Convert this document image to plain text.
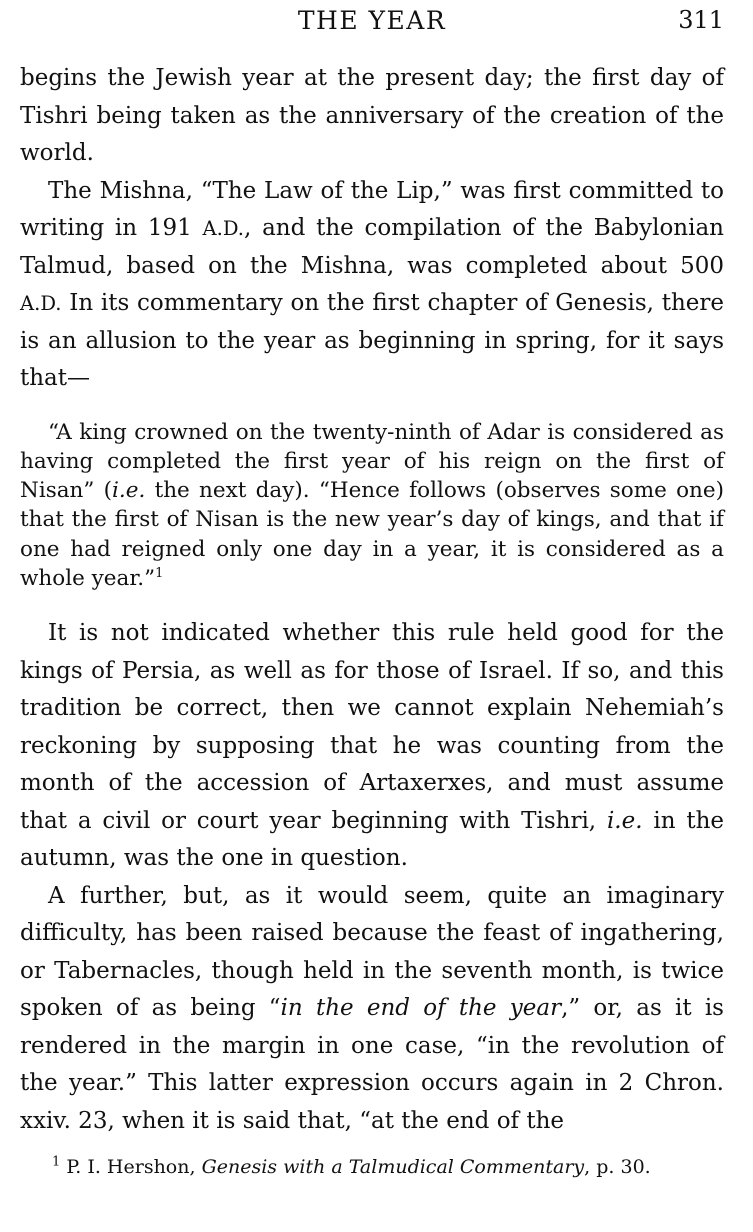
THE YEAR	311

begins the Jewish year at the present day; the first day of Tishri being taken as the anniversary of the creation of the world.

The Mishna, “The Law of the Lip,” was first committed to writing in 191 A.D., and the compilation of the Babylonian Talmud, based on the Mishna, was completed about 500 A.D. In its commentary on the first chapter of Genesis, there is an allusion to the year as beginning in spring, for it says that—

“A king crowned on the twenty-ninth of Adar is considered as having completed the first year of his reign on the first of Nisan” (i.e. the next day). “Hence follows (observes some one) that the first of Nisan is the new year’s day of kings, and that if one had reigned only one day in a year, it is considered as a whole year.”$^1$

It is not indicated whether this rule held good for the kings of Persia, as well as for those of Israel. If so, and this tradition be correct, then we cannot explain Nehemiah’s reckoning by supposing that he was counting from the month of the accession of Artaxerxes, and must assume that a civil or court year beginning with Tishri, i.e. in the autumn, was the one in question.

A further, but, as it would seem, quite an imaginary difficulty, has been raised because the feast of ingathering, or Tabernacles, though held in the seventh month, is twice spoken of as being “in the end of the year,” or, as it is rendered in the margin in one case, “in the revolution of the year.” This latter expression occurs again in 2 Chron. xxiv. 23, when it is said that, “at the end of the

$^1$ P. I. Hershon, Genesis with a Talmudical Commentary, p. 30.
